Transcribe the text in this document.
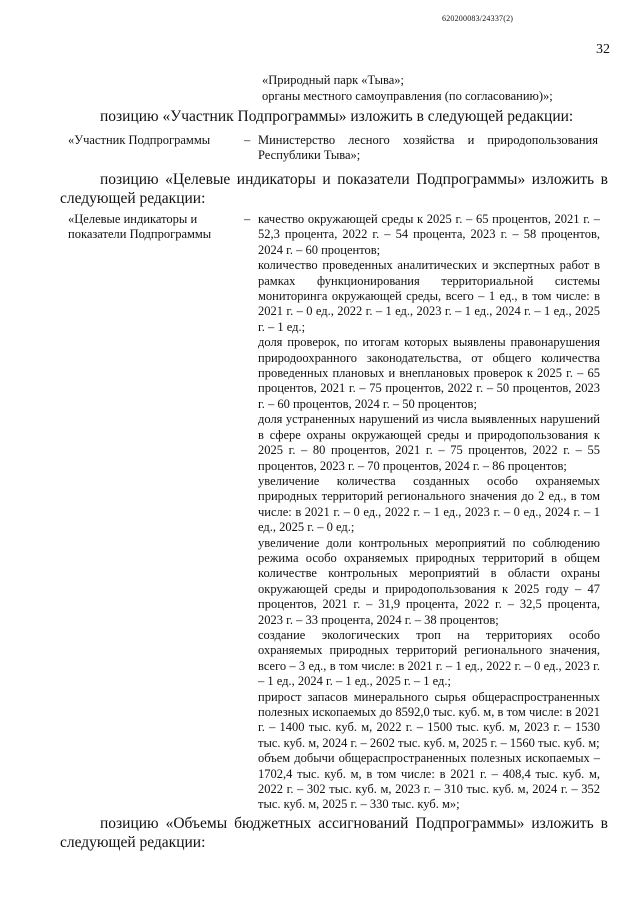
620200083/24337(2)
32
«Природный парк «Тыва»;
органы местного самоуправления (по согласованию)»;
позицию «Участник Подпрограммы» изложить в следующей редакции:
«Участник Подпрограммы	– Министерство лесного хозяйства и природопользования Республики Тыва»;
позицию «Целевые индикаторы и показатели Подпрограммы» изложить в следующей редакции:
«Целевые индикаторы и
показатели Подпрограммы
– качество окружающей среды к 2025 г. – 65 процентов, 2021 г. – 52,3 процента, 2022 г. – 54 процента, 2023 г. – 58 процентов, 2024 г. – 60 процентов;

количество проведенных аналитических и экспертных работ в рамках функционирования территориальной системы мониторинга окружающей среды, всего – 1 ед., в том числе: в 2021 г. – 0 ед., 2022 г. – 1 ед., 2023 г. – 1 ед., 2024 г. – 1 ед., 2025 г. – 1 ед.;

доля проверок, по итогам которых выявлены правонарушения природоохранного законодательства, от общего количества проведенных плановых и внеплановых проверок к 2025 г. – 65 процентов, 2021 г. – 75 процентов, 2022 г. – 50 процентов, 2023 г. – 60 процентов, 2024 г. – 50 процентов;

доля устраненных нарушений из числа выявленных нарушений в сфере охраны окружающей среды и природопользования к 2025 г. – 80 процентов, 2021 г. – 75 процентов, 2022 г. – 55 процентов, 2023 г. – 70 процентов, 2024 г. – 86 процентов;

увеличение количества созданных особо охраняемых природных территорий регионального значения до 2 ед., в том числе: в 2021 г. – 0 ед., 2022 г. – 1 ед., 2023 г. – 0 ед., 2024 г. – 1 ед., 2025 г. – 0 ед.;

увеличение доли контрольных мероприятий по соблюдению режима особо охраняемых природных территорий в общем количестве контрольных мероприятий в области охраны окружающей среды и природопользования к 2025 году – 47 процентов, 2021 г. – 31,9 процента, 2022 г. – 32,5 процента, 2023 г. – 33 процента, 2024 г. – 38 процентов;

создание экологических троп на территориях особо охраняемых природных территорий регионального значения, всего – 3 ед., в том числе: в 2021 г. – 1 ед., 2022 г. – 0 ед., 2023 г. – 1 ед., 2024 г. – 1 ед., 2025 г. – 1 ед.;

прирост запасов минерального сырья общераспространенных полезных ископаемых до 8592,0 тыс. куб. м, в том числе: в 2021 г. – 1400 тыс. куб. м, 2022 г. – 1500 тыс. куб. м, 2023 г. – 1530 тыс. куб. м, 2024 г. – 2602 тыс. куб. м, 2025 г. – 1560 тыс. куб. м;

объем добычи общераспространенных полезных ископаемых – 1702,4 тыс. куб. м, в том числе: в 2021 г. – 408,4 тыс. куб. м, 2022 г. – 302 тыс. куб. м, 2023 г. – 310 тыс. куб. м, 2024 г. – 352 тыс. куб. м, 2025 г. – 330 тыс. куб. м»;

позицию «Объемы бюджетных ассигнований Подпрограммы» изложить в следующей редакции:
